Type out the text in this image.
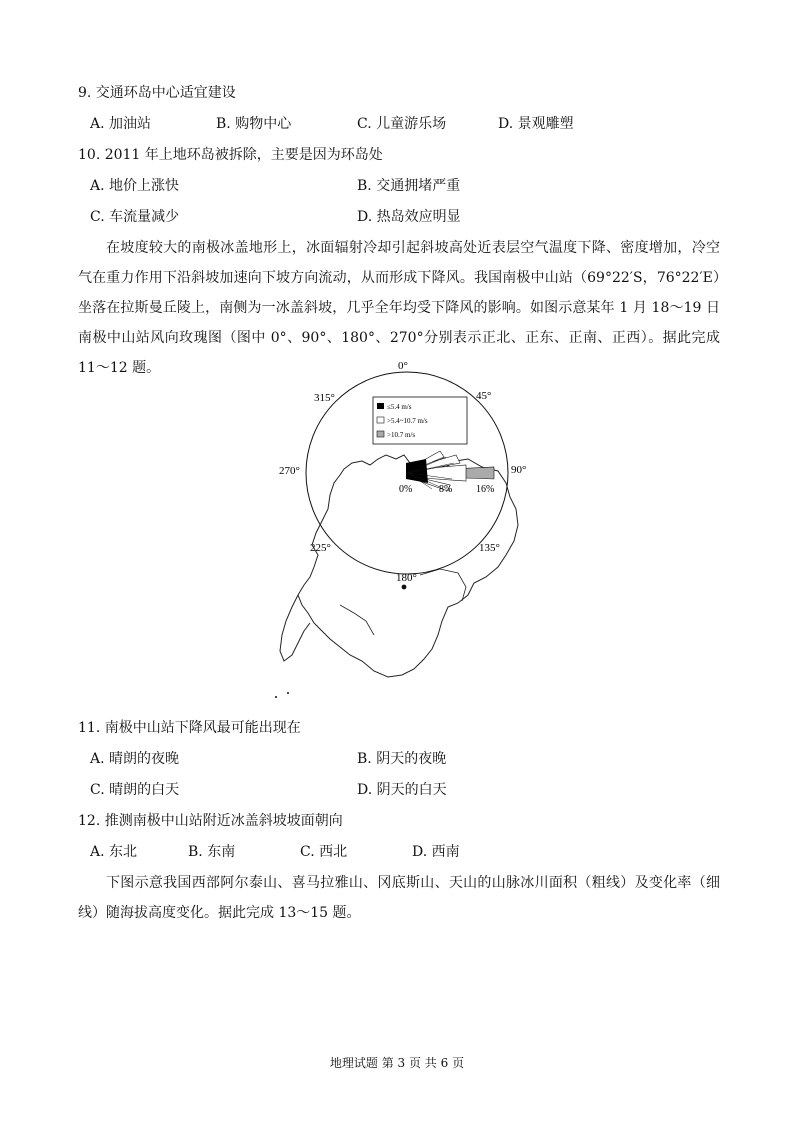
9. 交通环岛中心适宜建设
A. 加油站	B. 购物中心	C. 儿童游乐场	D. 景观雕塑
10. 2011 年上地环岛被拆除，主要是因为环岛处
A. 地价上涨快	B. 交通拥堵严重
C. 车流量减少	D. 热岛效应明显
在坡度较大的南极冰盖地形上，冰面辐射冷却引起斜坡高处近表层空气温度下降、密度增加，冷空气在重力作用下沿斜坡加速向下坡方向流动，从而形成下降风。我国南极中山站（69°22′S，76°22′E）坐落在拉斯曼丘陵上，南侧为一冰盖斜坡，几乎全年均受下降风的影响。如图示意某年 1 月 18～19 日南极中山站风向玫瑰图（图中 0°、90°、180°、270°分别表示正北、正东、正南、正西）。据此完成 11～12 题。	0°
45°
90°
135°
180°
225°
270°
315°
≤5.4 m/s
>5.4~10.7 m/s
>10.7 m/s
0%	8% 16%
11. 南极中山站下降风最可能出现在
A. 晴朗的夜晚	B. 阴天的夜晚
C. 晴朗的白天	D. 阴天的白天
12. 推测南极中山站附近冰盖斜坡坡面朝向
A. 东北	B. 东南	C. 西北	D. 西南
下图示意我国西部阿尔泰山、喜马拉雅山、冈底斯山、天山的山脉冰川面积（粗线）及变化率（细线）随海拔高度变化。据此完成 13～15 题。
地理试题 第 3 页 共 6 页
